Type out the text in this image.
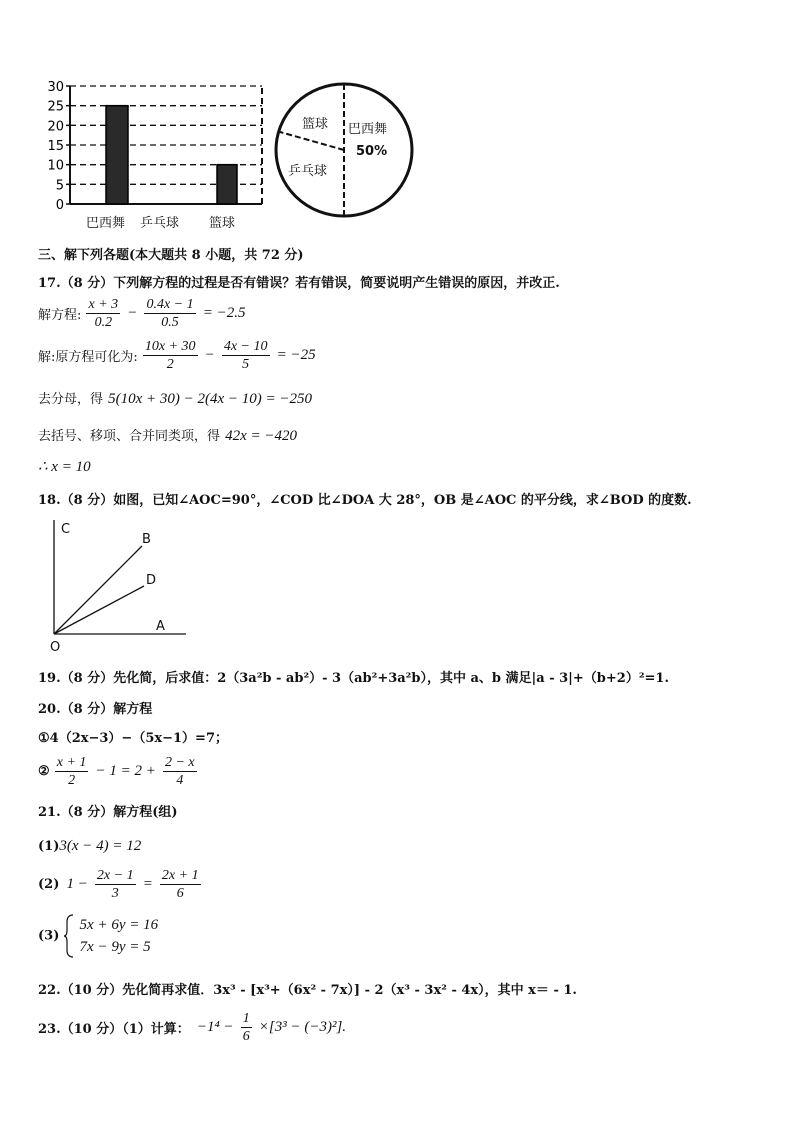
0
5
10
15
20
25
30
巴西舞 乒乓球 篮球
篮球 巴西舞
50%
乒乓球
三、解下列各题(本大题共 8 小题，共 72 分)
17.（8 分）下列解方程的过程是否有错误？若有错误，简要说明产生错误的原因，并改正.
解方程: $\frac{x + 3}{0.2} - \frac{0.4x - 1}{0.5} = -2.5$
解:原方程可化为: $\frac{10x + 30}{2} - \frac{4x - 10}{5} = -25$
去分母，得 5(10x + 30) − 2(4x − 10) = −250
去括号、移项、合并同类项，得 42x = −420
∴ x = 10
18.（8 分）如图，已知∠AOC=90°，∠COD 比∠DOA 大 28°，OB 是∠AOC 的平分线，求∠BOD 的度数.
C
B
D
O
A
19.（8 分）先化简，后求值：2（3a²b - ab²）- 3（ab²+3a²b），其中 a、b 满足|a - 3|+（b+2）²=1.
20.（8 分）解方程
①4（2x−3）−（5x−1）=7；
② $\frac{x + 1}{2} - 1 = 2 + \frac{2 - x}{4}$
21.（8 分）解方程(组)
(1)3(x − 4) = 12
(2) $1 - \frac{2x - 1}{3} = \frac{2x + 1}{6}$
(3)
5x + 6y = 16
7x − 9y = 5
22.（10 分）先化简再求值．3x³ - [x³+（6x² - 7x）] - 2（x³ - 3x² - 4x），其中 x＝ - 1.
23.（10 分）（1）计算： $-1^4 - \frac{1}{6} \times[3^3 - (-3)^2]$.
